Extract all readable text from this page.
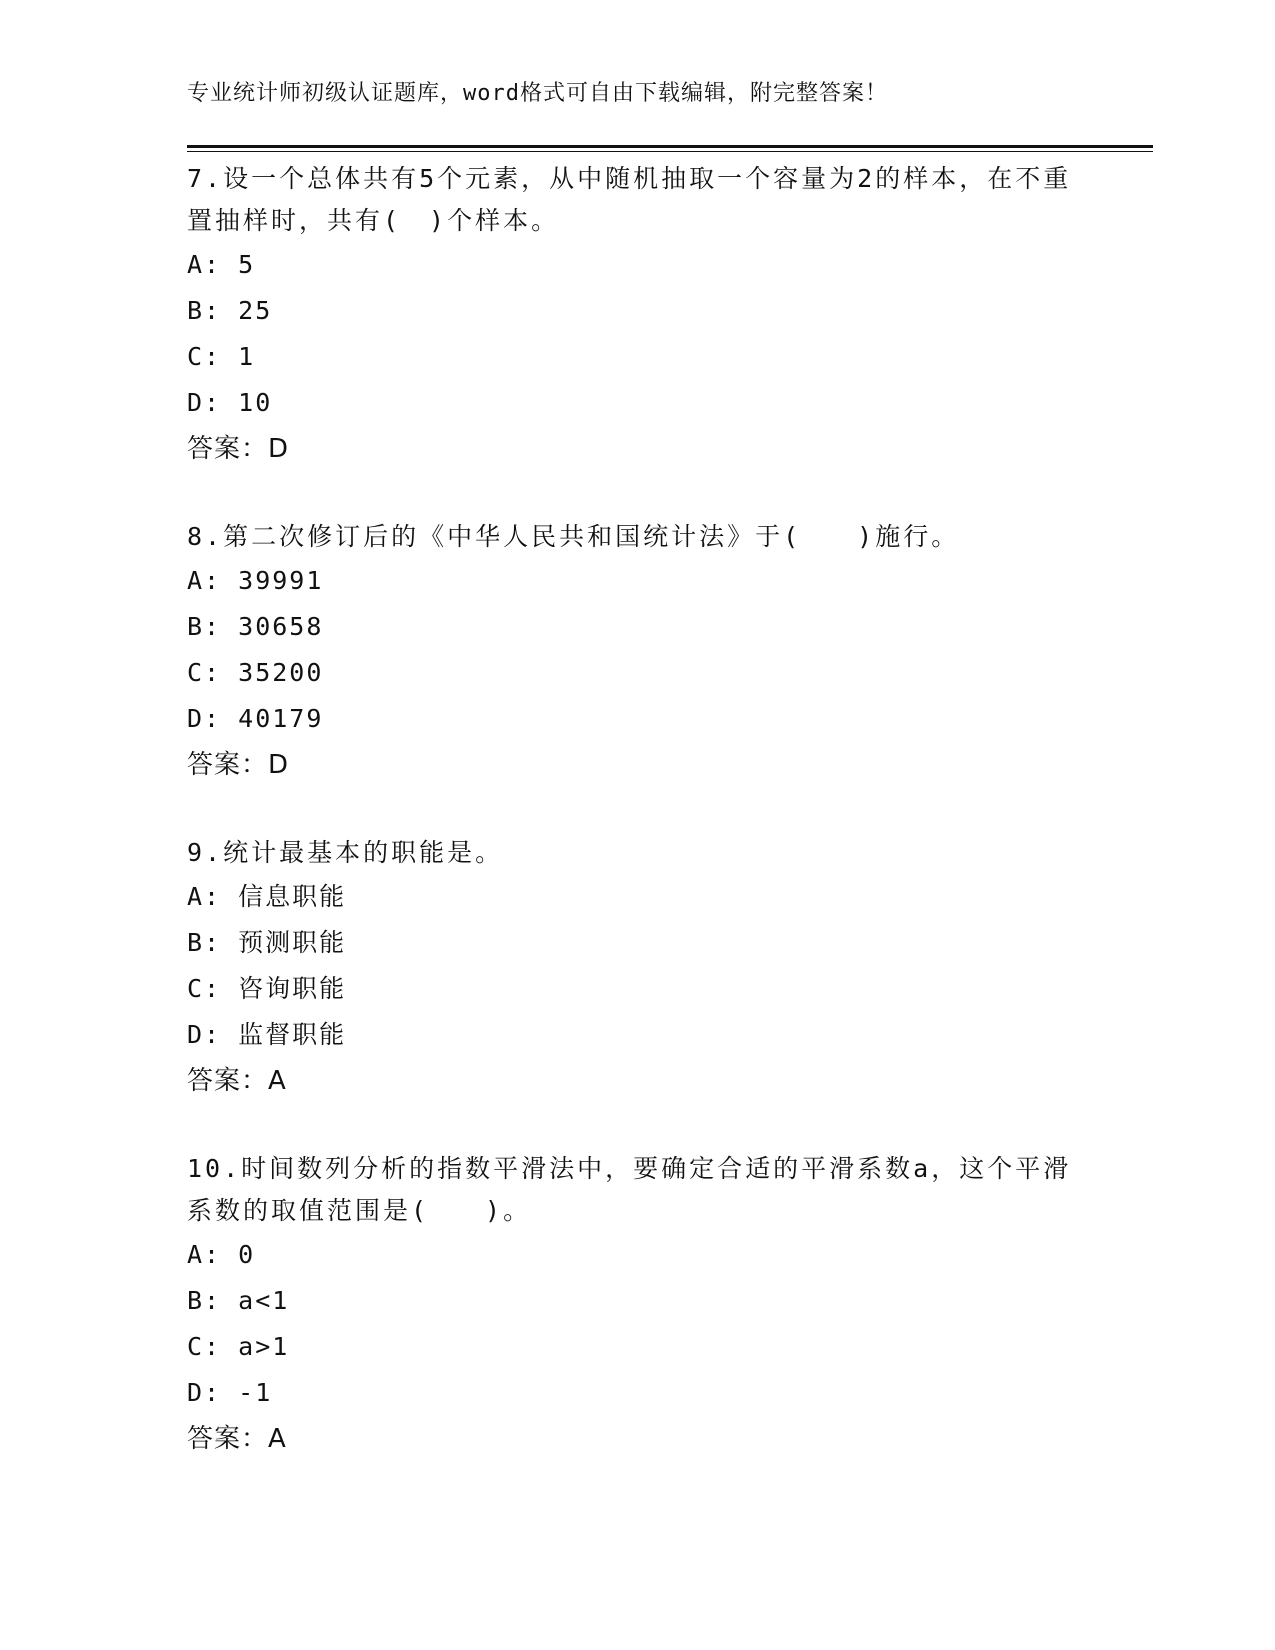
专业统计师初级认证题库，word格式可自由下载编辑，附完整答案！

7.设一个总体共有5个元素，从中随机抽取一个容量为2的样本，在不重置抽样时，共有(　)个样本。

A: 5

B: 25

C: 1

D: 10

答案：D

8.第二次修订后的《中华人民共和国统计法》于(　　)施行。

A: 39991

B: 30658

C: 35200

D: 40179

答案：D

9.统计最基本的职能是。

A: 信息职能

B: 预测职能

C: 咨询职能

D: 监督职能

答案：A

10.时间数列分析的指数平滑法中，要确定合适的平滑系数a，这个平滑系数的取值范围是(　　)。

A: 0

B: a<1

C: a>1

D: -1

答案：A
